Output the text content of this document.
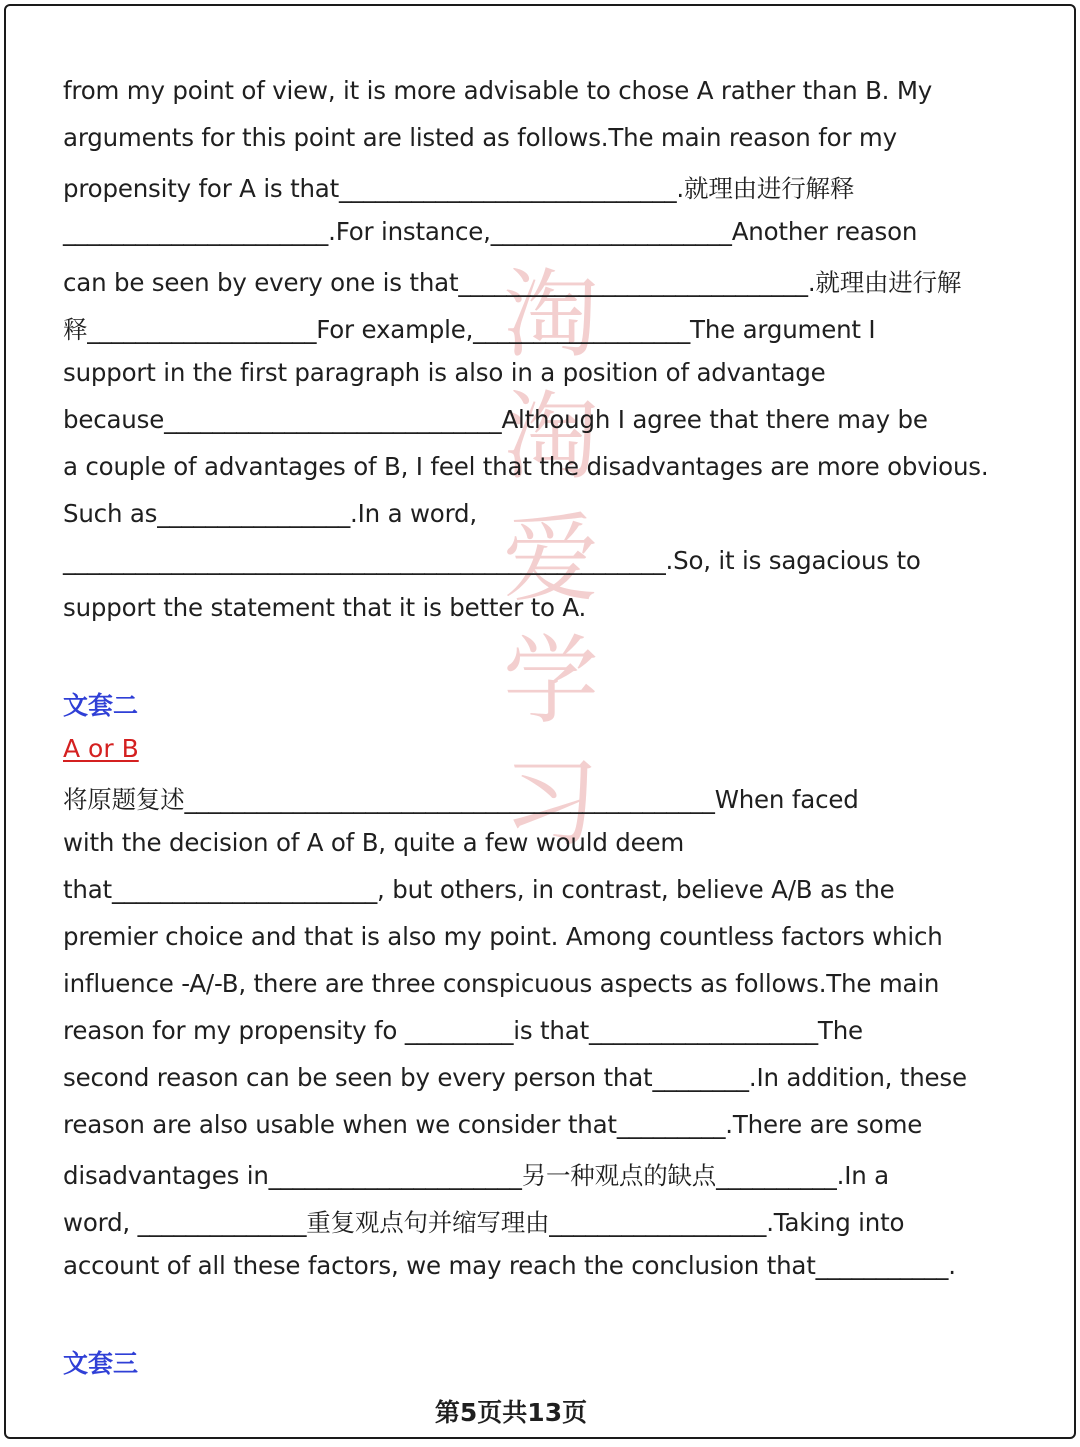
淘
淘
爱
学
习
from my point of view, it is more advisable to chose A rather than B. My
arguments for this point are listed as follows.The main reason for my
propensity for A is that____________________________.就理由进行解释
______________________.For instance,____________________Another reason
can be seen by every one is that_____________________________.就理由进行解
释___________________For example,__________________The argument I
support in the first paragraph is also in a position of advantage
because____________________________Although I agree that there may be
a couple of advantages of B, I feel that the disadvantages are more obvious.
Such as________________.In a word,
__________________________________________________.So, it is sagacious to
support the statement that it is better to A.
文套二
A or B
将原题复述____________________________________________When faced
with the decision of A of B, quite a few would deem
that______________________, but others, in contrast, believe A/B as the
premier choice and that is also my point. Among countless factors which
influence -A/-B, there are three conspicuous aspects as follows.The main
reason for my propensity fo _________is that___________________The
second reason can be seen by every person that________.In addition, these
reason are also usable when we consider that_________.There are some
disadvantages in_____________________另一种观点的缺点__________.In a
word, ______________重复观点句并缩写理由__________________.Taking into
account of all these factors, we may reach the conclusion that___________.
文套三
第5页共13页
